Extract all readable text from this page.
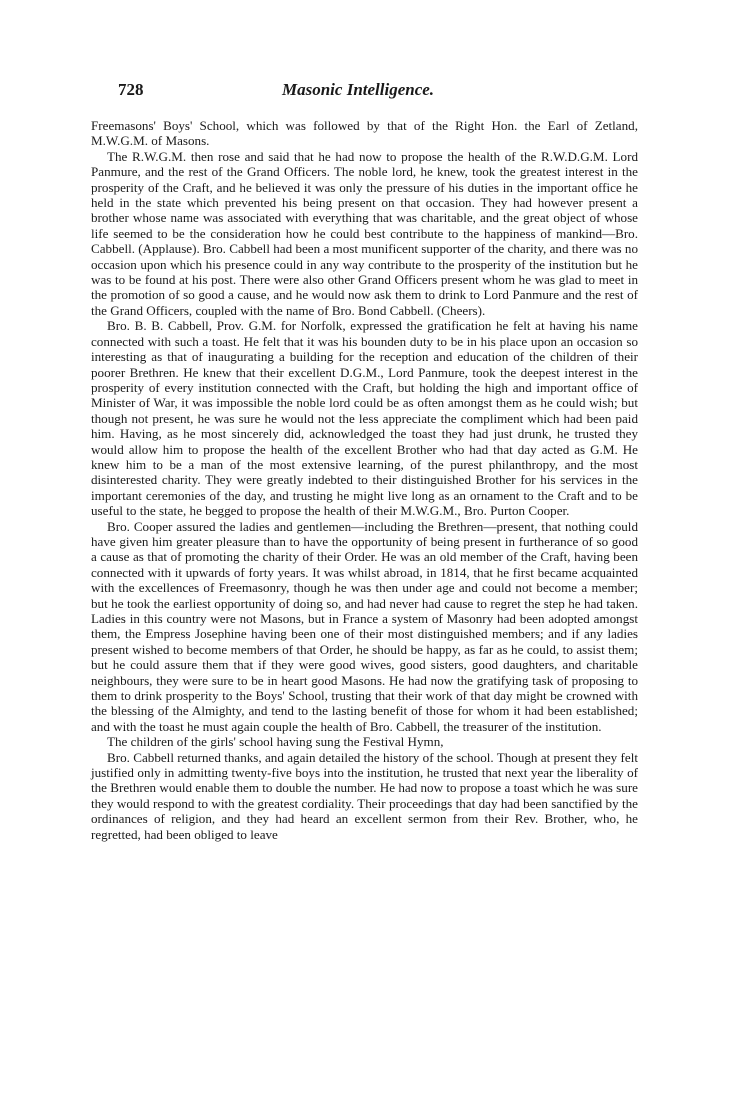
728	Masonic Intelligence.

Freemasons' Boys' School, which was followed by that of the Right Hon. the Earl of Zetland, M.W.G.M. of Masons.

The R.W.G.M. then rose and said that he had now to propose the health of the R.W.D.G.M. Lord Panmure, and the rest of the Grand Officers. The noble lord, he knew, took the greatest interest in the prosperity of the Craft, and he believed it was only the pressure of his duties in the important office he held in the state which prevented his being present on that occasion. They had however present a brother whose name was associated with everything that was charitable, and the great object of whose life seemed to be the consideration how he could best contribute to the happiness of mankind—Bro. Cabbell. (Applause). Bro. Cabbell had been a most munificent supporter of the charity, and there was no occasion upon which his presence could in any way contribute to the prosperity of the institution but he was to be found at his post. There were also other Grand Officers present whom he was glad to meet in the promotion of so good a cause, and he would now ask them to drink to Lord Panmure and the rest of the Grand Officers, coupled with the name of Bro. Bond Cabbell. (Cheers).

Bro. B. B. Cabbell, Prov. G.M. for Norfolk, expressed the gratification he felt at having his name connected with such a toast. He felt that it was his bounden duty to be in his place upon an occasion so interesting as that of inaugurating a building for the reception and education of the children of their poorer Brethren. He knew that their excellent D.G.M., Lord Panmure, took the deepest interest in the prosperity of every institution connected with the Craft, but holding the high and important office of Minister of War, it was impossible the noble lord could be as often amongst them as he could wish; but though not present, he was sure he would not the less appreciate the compliment which had been paid him. Having, as he most sincerely did, acknowledged the toast they had just drunk, he trusted they would allow him to propose the health of the excellent Brother who had that day acted as G.M. He knew him to be a man of the most extensive learning, of the purest philanthropy, and the most disinterested charity. They were greatly indebted to their distinguished Brother for his services in the important ceremonies of the day, and trusting he might live long as an ornament to the Craft and to be useful to the state, he begged to propose the health of their M.W.G.M., Bro. Purton Cooper.

Bro. Cooper assured the ladies and gentlemen—including the Brethren—present, that nothing could have given him greater pleasure than to have the opportunity of being present in furtherance of so good a cause as that of promoting the charity of their Order. He was an old member of the Craft, having been connected with it upwards of forty years. It was whilst abroad, in 1814, that he first became acquainted with the excellences of Freemasonry, though he was then under age and could not become a member; but he took the earliest opportunity of doing so, and had never had cause to regret the step he had taken. Ladies in this country were not Masons, but in France a system of Masonry had been adopted amongst them, the Empress Josephine having been one of their most distinguished members; and if any ladies present wished to become members of that Order, he should be happy, as far as he could, to assist them; but he could assure them that if they were good wives, good sisters, good daughters, and charitable neighbours, they were sure to be in heart good Masons. He had now the gratifying task of proposing to them to drink prosperity to the Boys' School, trusting that their work of that day might be crowned with the blessing of the Almighty, and tend to the lasting benefit of those for whom it had been established; and with the toast he must again couple the health of Bro. Cabbell, the treasurer of the institution.

The children of the girls' school having sung the Festival Hymn,

Bro. Cabbell returned thanks, and again detailed the history of the school. Though at present they felt justified only in admitting twenty-five boys into the institution, he trusted that next year the liberality of the Brethren would enable them to double the number. He had now to propose a toast which he was sure they would respond to with the greatest cordiality. Their proceedings that day had been sanctified by the ordinances of religion, and they had heard an excellent sermon from their Rev. Brother, who, he regretted, had been obliged to leave
